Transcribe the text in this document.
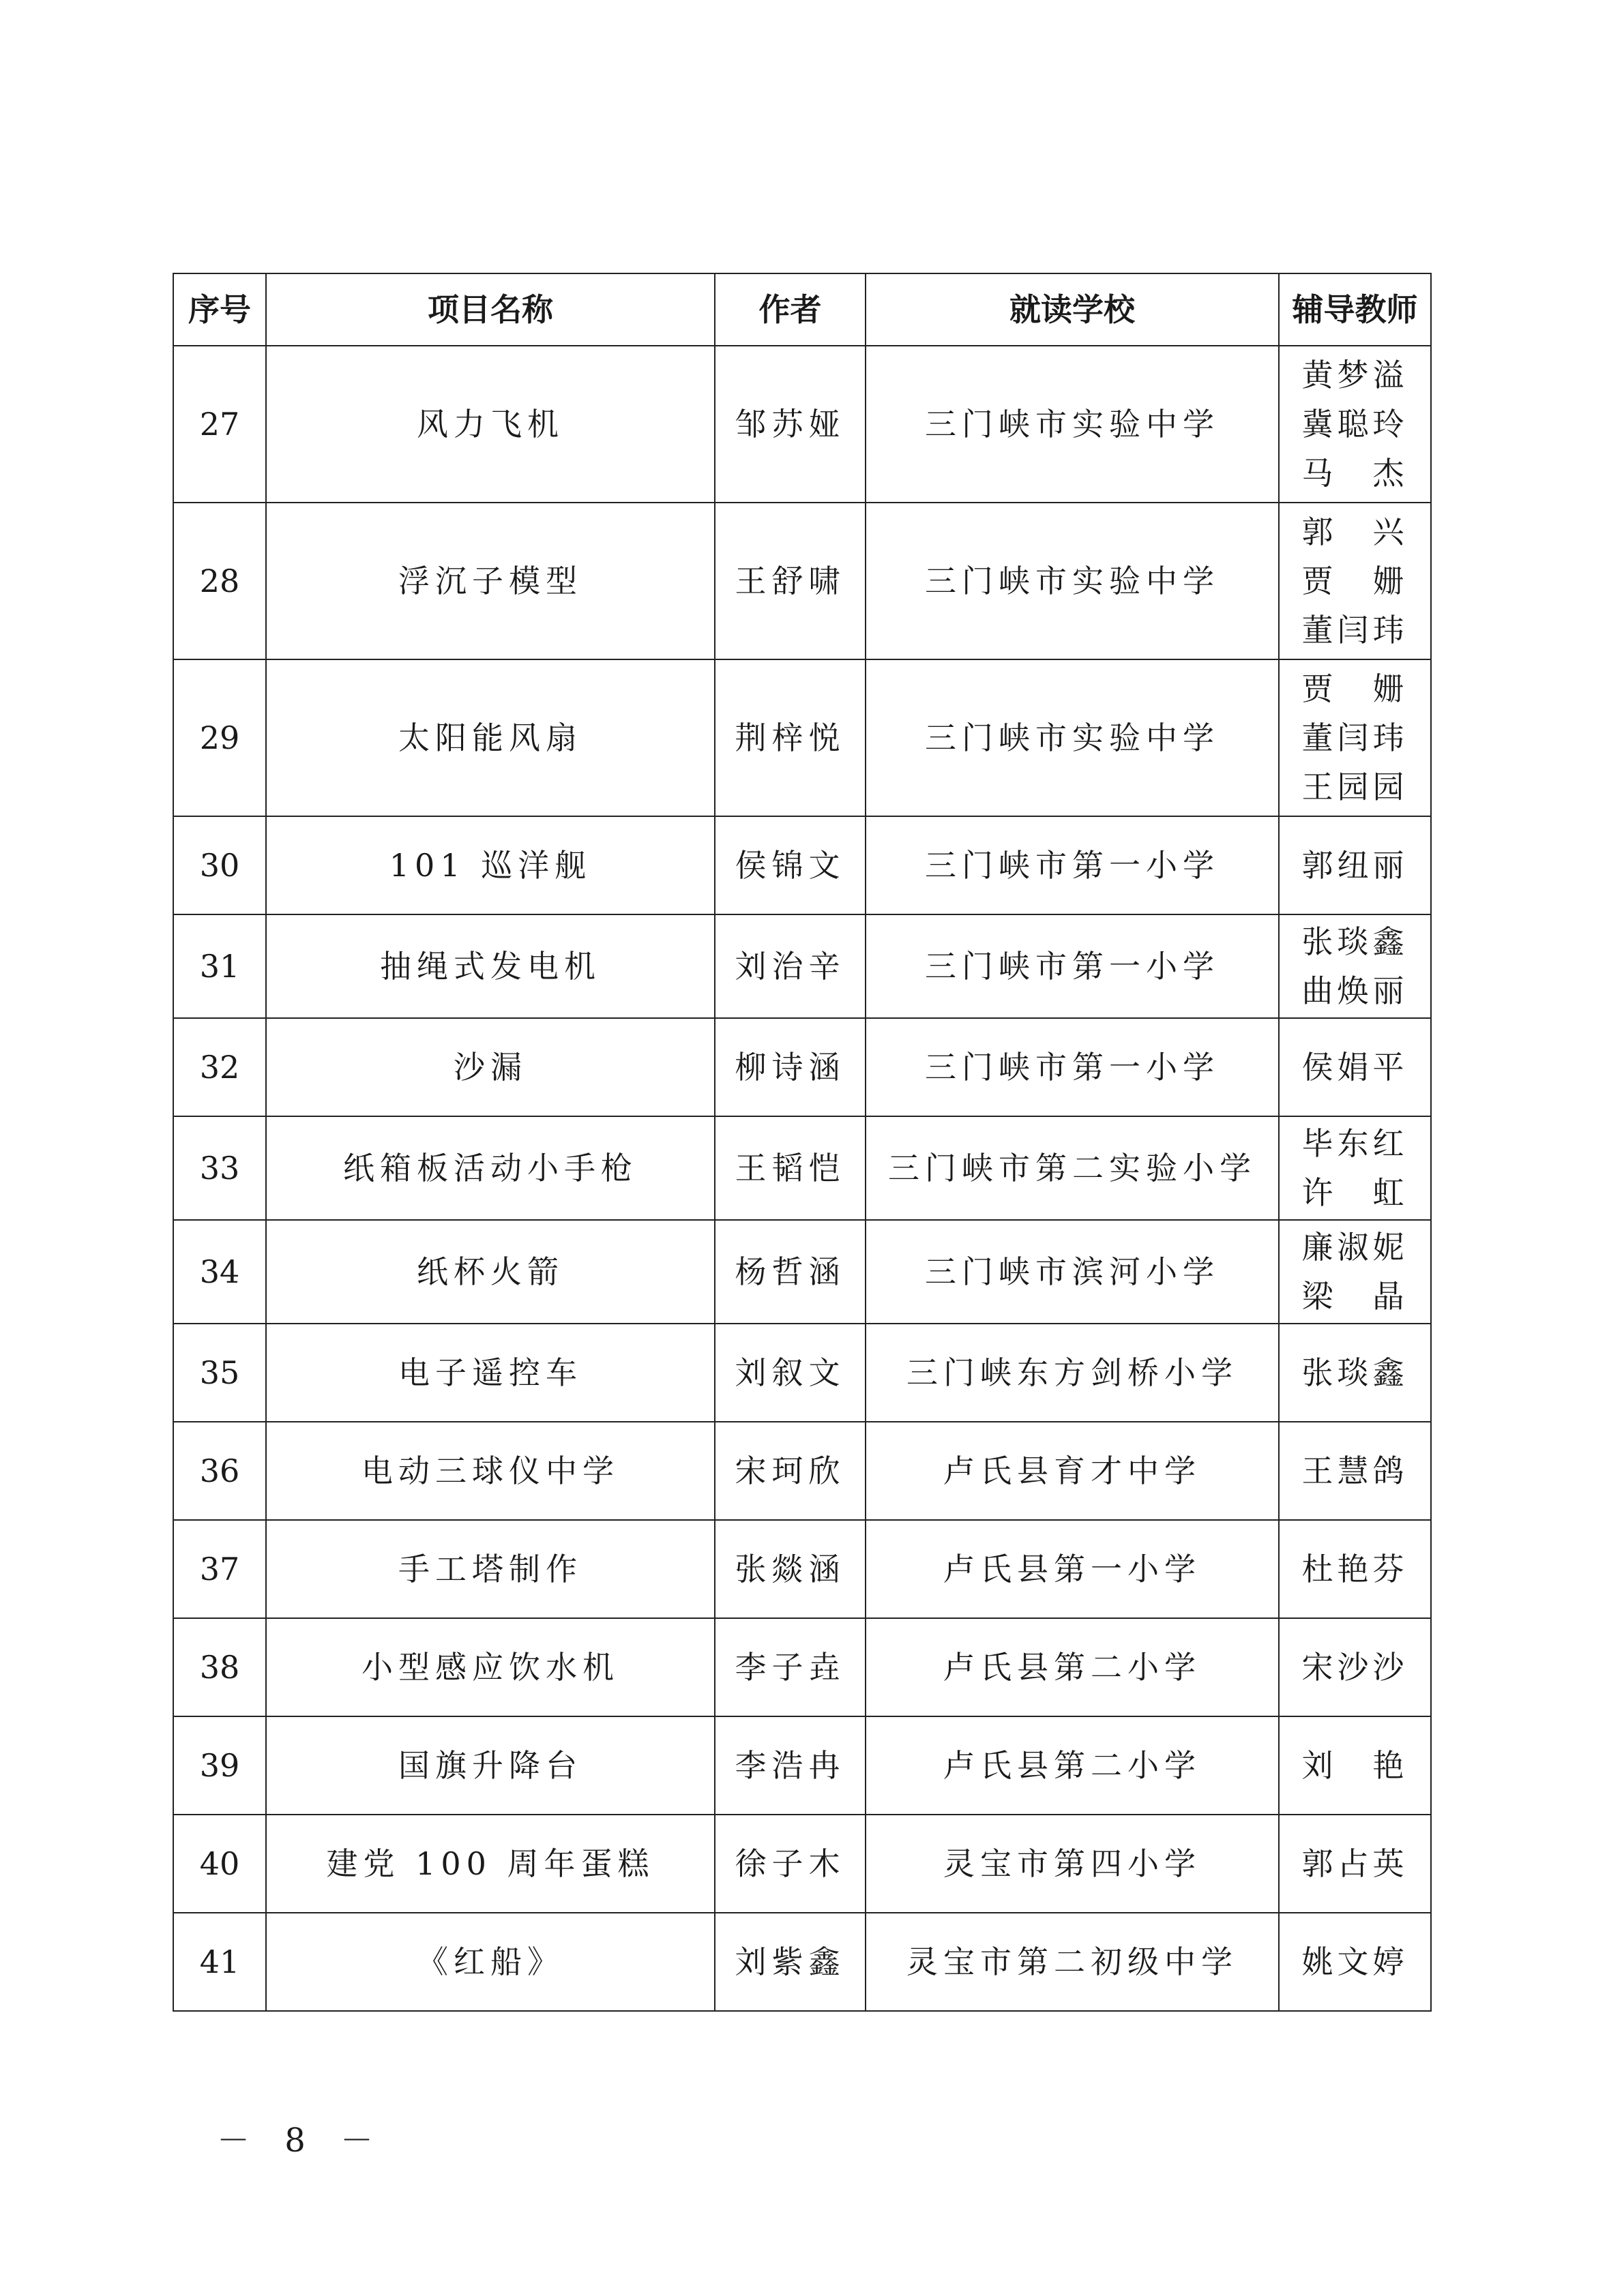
序号	项目名称	作者	就读学校	辅导教师
27	风力飞机	邹苏娅	三门峡市实验中学	黄梦溢
冀聪玲
马　杰

28	浮沉子模型	王舒啸	三门峡市实验中学	郭　兴
贾　姗
董闫玮

29	太阳能风扇	荆梓悦	三门峡市实验中学	贾　姗
董闫玮
王园园

30	101 巡洋舰	侯锦文	三门峡市第一小学	郭纽丽

31	抽绳式发电机	刘治辛	三门峡市第一小学	张琰鑫
曲焕丽

32	沙漏	柳诗涵	三门峡市第一小学	侯娟平

33	纸箱板活动小手枪	王韬恺	三门峡市第二实验小学	毕东红
许　虹

34	纸杯火箭	杨哲涵	三门峡市滨河小学	廉淑妮
梁　晶

35	电子遥控车	刘叙文	三门峡东方剑桥小学	张琰鑫

36	电动三球仪中学	宋珂欣	卢氏县育才中学	王慧鸽

37	手工塔制作	张燚涵	卢氏县第一小学	杜艳芬

38	小型感应饮水机	李子垚	卢氏县第二小学	宋沙沙

39	国旗升降台	李浩冉	卢氏县第二小学	刘　艳

40	建党 100 周年蛋糕	徐子木	灵宝市第四小学	郭占英

41	《红船》	刘紫鑫	灵宝市第二初级中学	姚文婷
－ 8 －
